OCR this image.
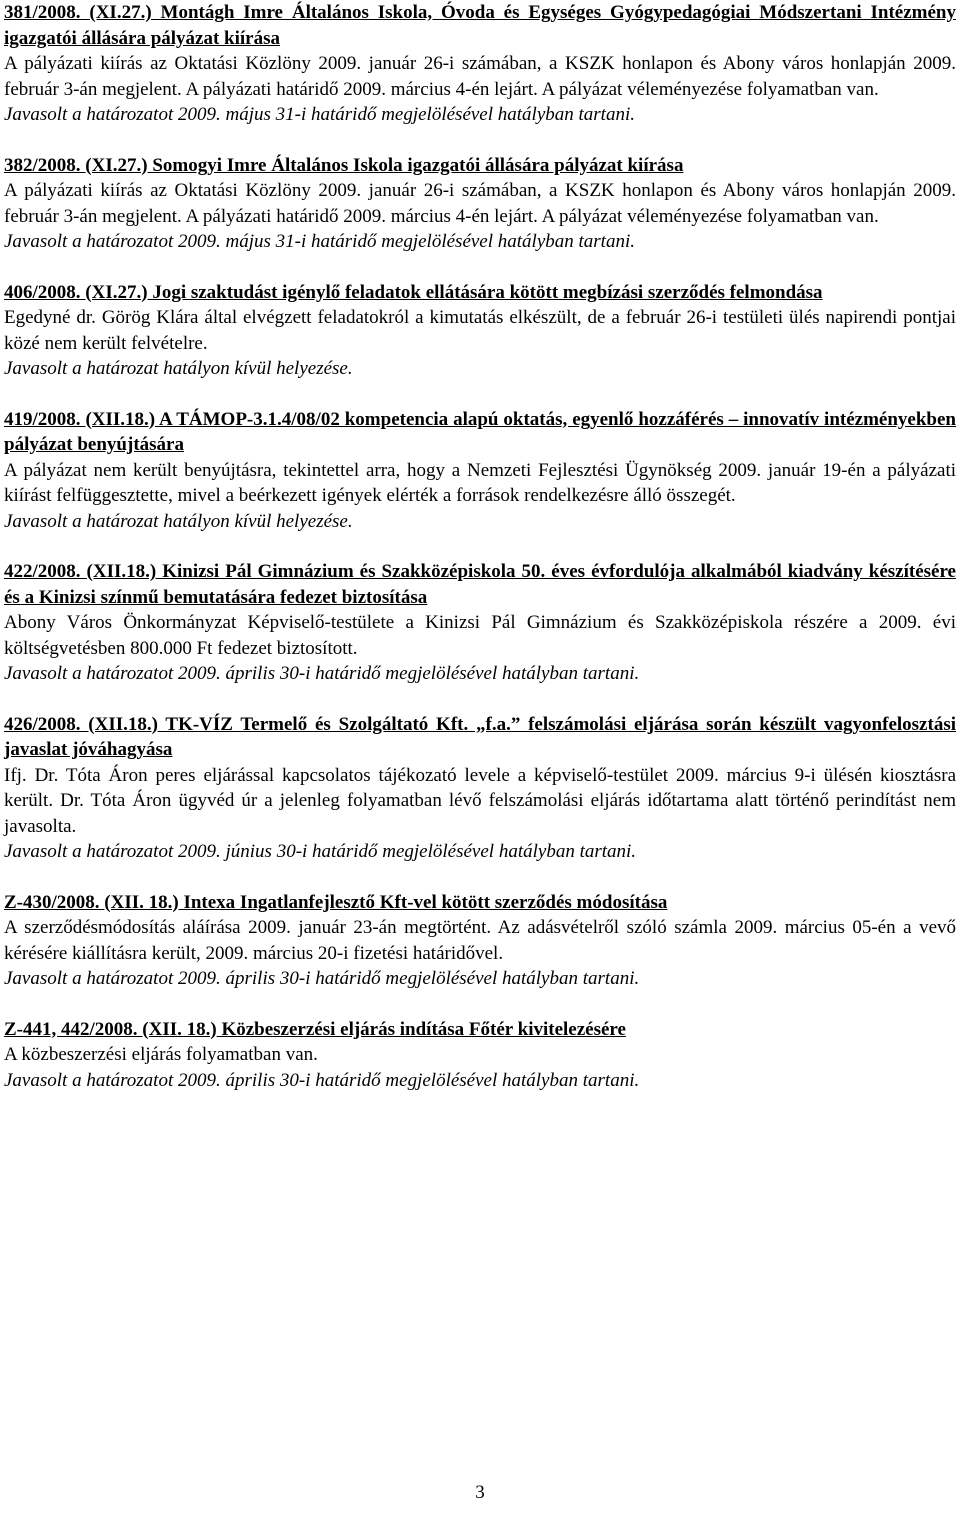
381/2008. (XI.27.) Montágh Imre Általános Iskola, Óvoda és Egységes Gyógypedagógiai Módszertani Intézmény igazgatói állására pályázat kiírása
A pályázati kiírás az Oktatási Közlöny 2009. január 26-i számában, a KSZK honlapon és Abony város honlapján 2009. február 3-án megjelent. A pályázati határidő 2009. március 4-én lejárt. A pályázat véleményezése folyamatban van.
Javasolt a határozatot 2009. május 31-i határidő megjelölésével hatályban tartani.
382/2008. (XI.27.) Somogyi Imre Általános Iskola igazgatói állására pályázat kiírása
A pályázati kiírás az Oktatási Közlöny 2009. január 26-i számában, a KSZK honlapon és Abony város honlapján 2009. február 3-án megjelent. A pályázati határidő 2009. március 4-én lejárt. A pályázat véleményezése folyamatban van.
Javasolt a határozatot 2009. május 31-i határidő megjelölésével hatályban tartani.
406/2008. (XI.27.) Jogi szaktudást igénylő feladatok ellátására kötött megbízási szerződés felmondása
Egedyné dr. Görög Klára által elvégzett feladatokról a kimutatás elkészült, de a február 26-i testületi ülés napirendi pontjai közé nem került felvételre.
Javasolt a határozat hatályon kívül helyezése.
419/2008. (XII.18.) A TÁMOP-3.1.4/08/02 kompetencia alapú oktatás, egyenlő hozzáférés – innovatív intézményekben pályázat benyújtására
A pályázat nem került benyújtásra, tekintettel arra, hogy a Nemzeti Fejlesztési Ügynökség 2009. január 19-én a pályázati kiírást felfüggesztette, mivel a beérkezett igények elérték a források rendelkezésre álló összegét.
Javasolt a határozat hatályon kívül helyezése.
422/2008. (XII.18.) Kinizsi Pál Gimnázium és Szakközépiskola 50. éves évfordulója alkalmából kiadvány készítésére és a Kinizsi színmű bemutatására fedezet biztosítása
Abony Város Önkormányzat Képviselő-testülete a Kinizsi Pál Gimnázium és Szakközépiskola részére a 2009. évi költségvetésben 800.000 Ft fedezet biztosított.
Javasolt a határozatot 2009. április 30-i határidő megjelölésével hatályban tartani.
426/2008. (XII.18.) TK-VÍZ Termelő és Szolgáltató Kft. „f.a.” felszámolási eljárása során készült vagyonfelosztási javaslat jóváhagyása
Ifj. Dr. Tóta Áron peres eljárással kapcsolatos tájékozató levele a képviselő-testület 2009. március 9-i ülésén kiosztásra került. Dr. Tóta Áron ügyvéd úr a jelenleg folyamatban lévő felszámolási eljárás időtartama alatt történő perindítást nem javasolta.
Javasolt a határozatot 2009. június 30-i határidő megjelölésével hatályban tartani.
Z-430/2008. (XII. 18.) Intexa Ingatlanfejlesztő Kft-vel kötött szerződés módosítása
A szerződésmódosítás aláírása 2009. január 23-án megtörtént. Az adásvételről szóló számla 2009. március 05-én a vevő kérésére kiállításra került, 2009. március 20-i fizetési határidővel.
Javasolt a határozatot 2009. április 30-i határidő megjelölésével hatályban tartani.
Z-441, 442/2008. (XII. 18.) Közbeszerzési eljárás indítása Főtér kivitelezésére
A közbeszerzési eljárás folyamatban van.
Javasolt a határozatot 2009. április 30-i határidő megjelölésével hatályban tartani.
3
